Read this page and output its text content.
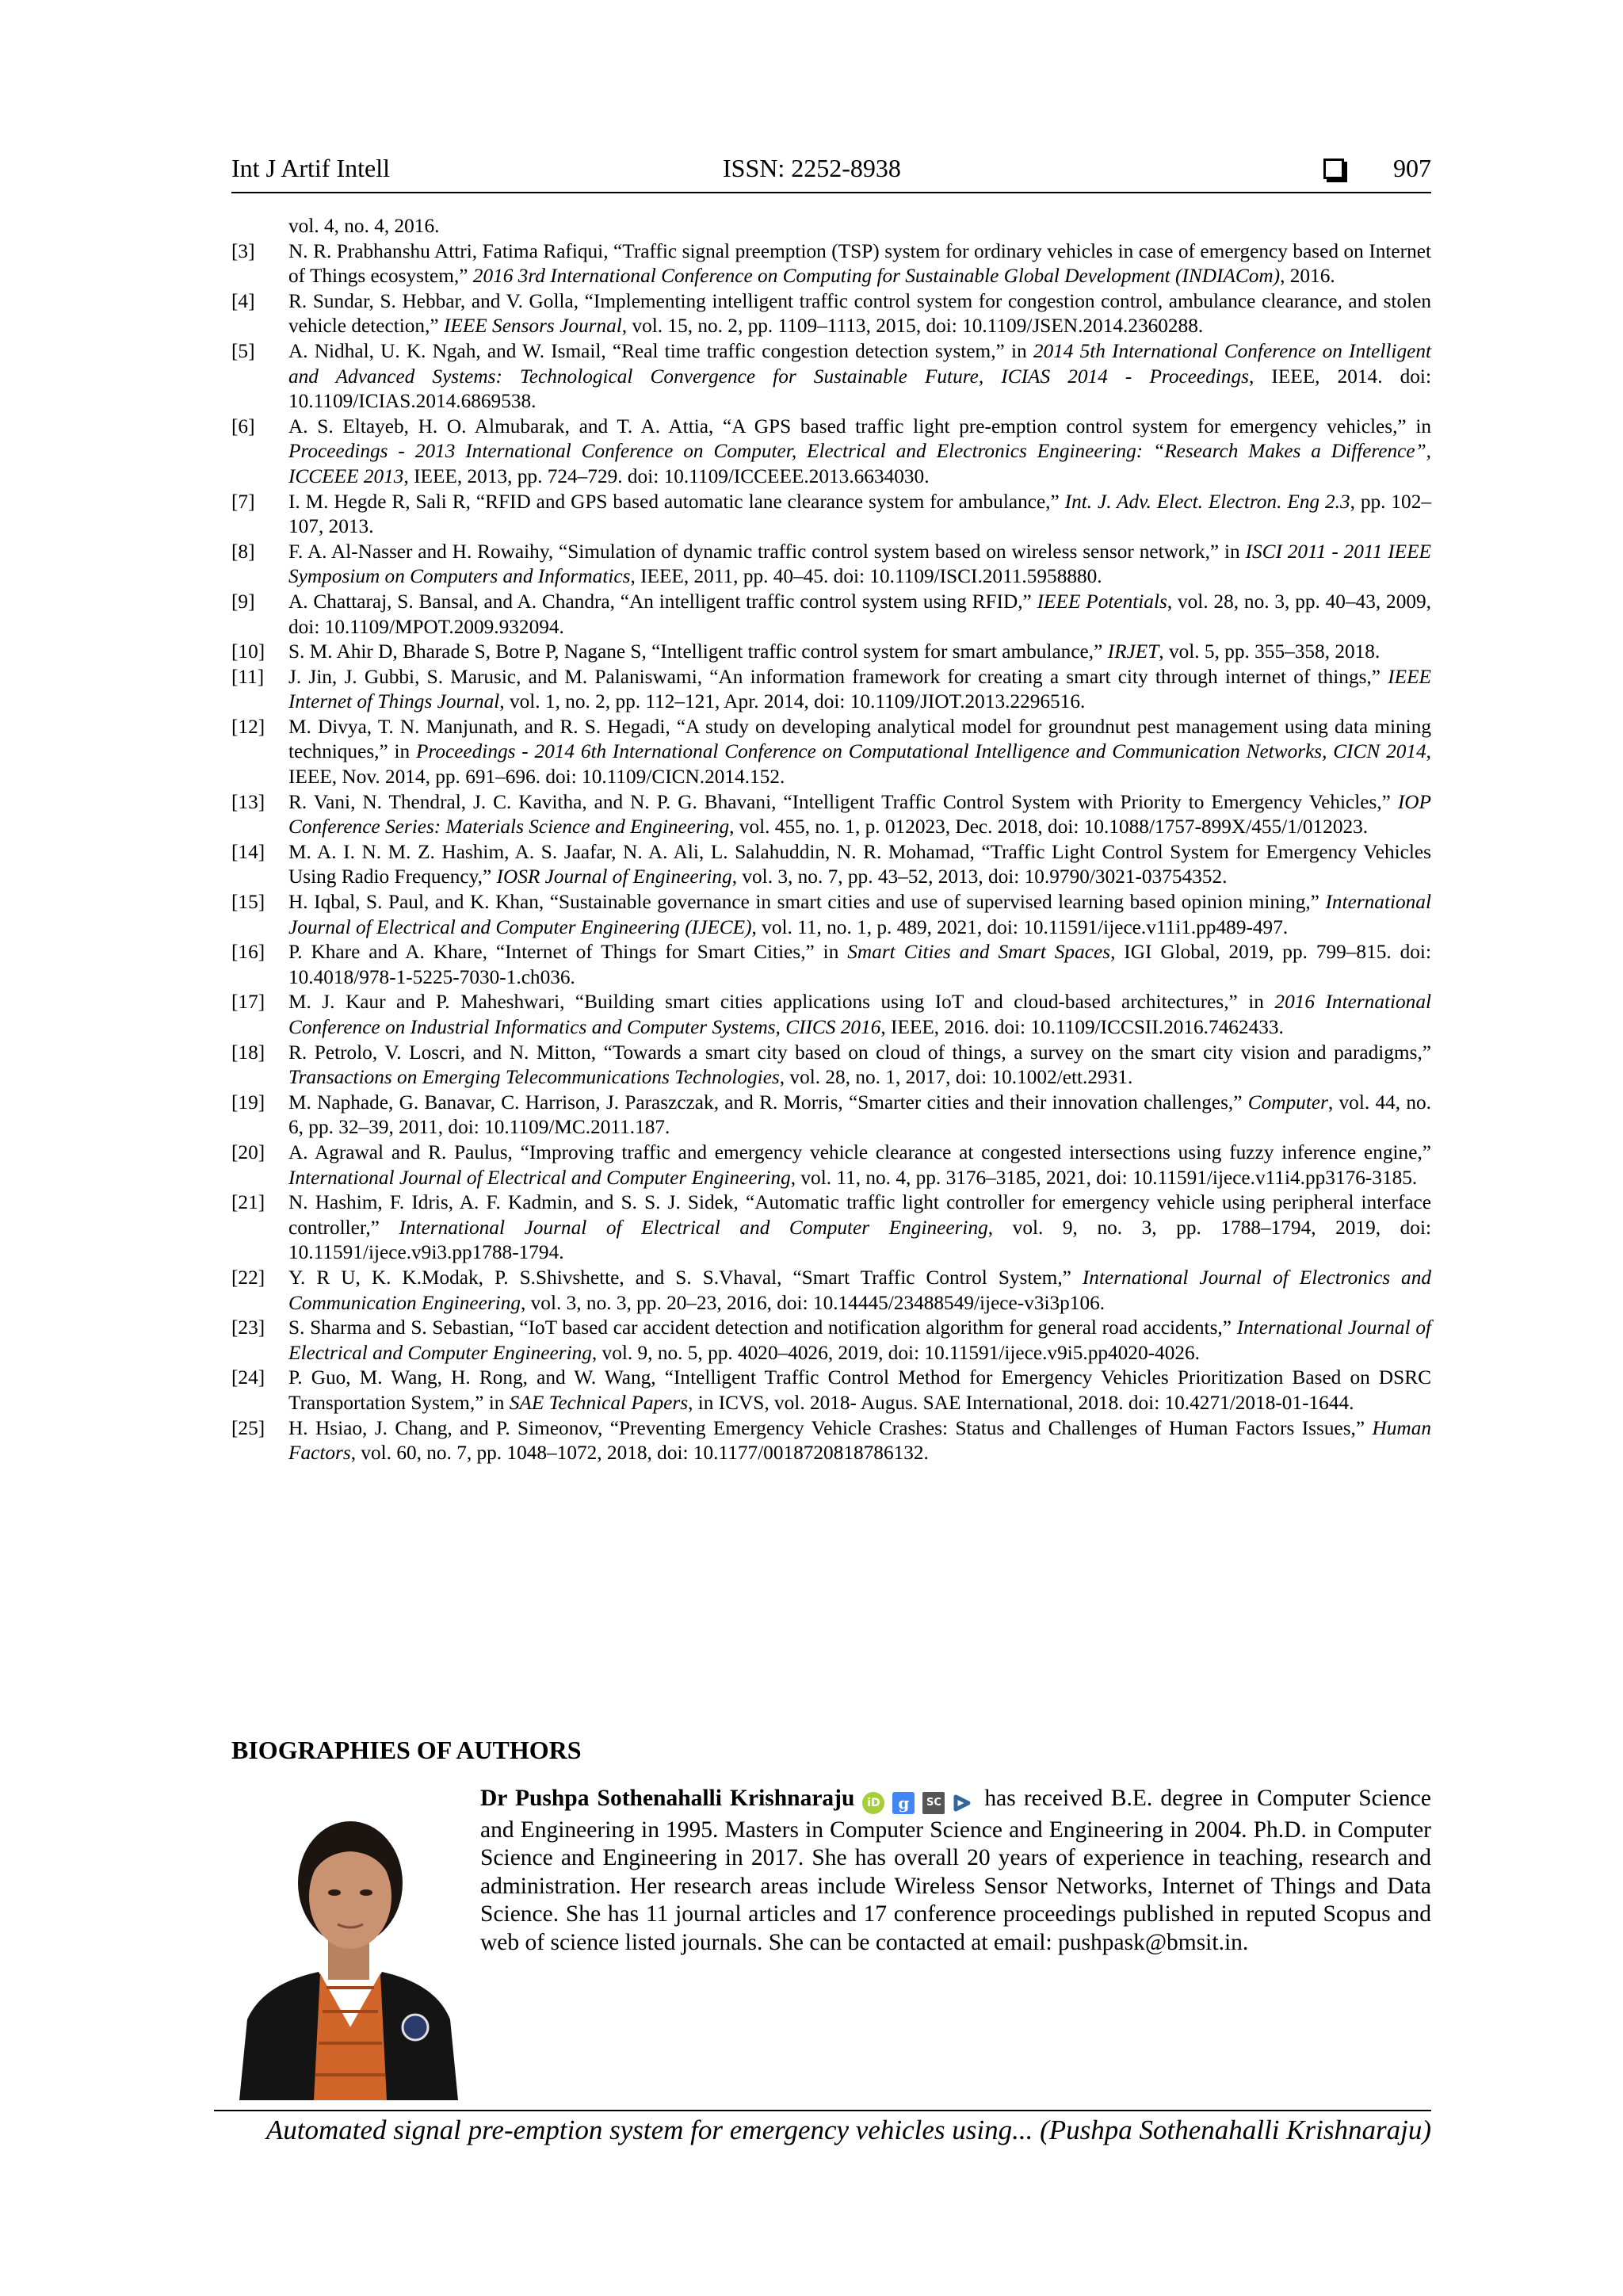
Int J Artif Intell	ISSN: 2252-8938	907
vol. 4, no. 4, 2016.
[3] N. R. Prabhanshu Attri, Fatima Rafiqui, “Traffic signal preemption (TSP) system for ordinary vehicles in case of emergency based on Internet of Things ecosystem,” 2016 3rd International Conference on Computing for Sustainable Global Development (INDIACom), 2016.
[4] R. Sundar, S. Hebbar, and V. Golla, “Implementing intelligent traffic control system for congestion control, ambulance clearance, and stolen vehicle detection,” IEEE Sensors Journal, vol. 15, no. 2, pp. 1109–1113, 2015, doi: 10.1109/JSEN.2014.2360288.
[5] A. Nidhal, U. K. Ngah, and W. Ismail, “Real time traffic congestion detection system,” in 2014 5th International Conference on Intelligent and Advanced Systems: Technological Convergence for Sustainable Future, ICIAS 2014 - Proceedings, IEEE, 2014. doi: 10.1109/ICIAS.2014.6869538.
[6] A. S. Eltayeb, H. O. Almubarak, and T. A. Attia, “A GPS based traffic light pre-emption control system for emergency vehicles,” in Proceedings - 2013 International Conference on Computer, Electrical and Electronics Engineering: “Research Makes a Difference”, ICCEEE 2013, IEEE, 2013, pp. 724–729. doi: 10.1109/ICCEEE.2013.6634030.
[7] I. M. Hegde R, Sali R, “RFID and GPS based automatic lane clearance system for ambulance,” Int. J. Adv. Elect. Electron. Eng 2.3, pp. 102–107, 2013.
[8] F. A. Al-Nasser and H. Rowaihy, “Simulation of dynamic traffic control system based on wireless sensor network,” in ISCI 2011 - 2011 IEEE Symposium on Computers and Informatics, IEEE, 2011, pp. 40–45. doi: 10.1109/ISCI.2011.5958880.
[9] A. Chattaraj, S. Bansal, and A. Chandra, “An intelligent traffic control system using RFID,” IEEE Potentials, vol. 28, no. 3, pp. 40–43, 2009, doi: 10.1109/MPOT.2009.932094.
[10] S. M. Ahir D, Bharade S, Botre P, Nagane S, “Intelligent traffic control system for smart ambulance,” IRJET, vol. 5, pp. 355–358, 2018.
[11] J. Jin, J. Gubbi, S. Marusic, and M. Palaniswami, “An information framework for creating a smart city through internet of things,” IEEE Internet of Things Journal, vol. 1, no. 2, pp. 112–121, Apr. 2014, doi: 10.1109/JIOT.2013.2296516.
[12] M. Divya, T. N. Manjunath, and R. S. Hegadi, “A study on developing analytical model for groundnut pest management using data mining techniques,” in Proceedings - 2014 6th International Conference on Computational Intelligence and Communication Networks, CICN 2014, IEEE, Nov. 2014, pp. 691–696. doi: 10.1109/CICN.2014.152.
[13] R. Vani, N. Thendral, J. C. Kavitha, and N. P. G. Bhavani, “Intelligent Traffic Control System with Priority to Emergency Vehicles,” IOP Conference Series: Materials Science and Engineering, vol. 455, no. 1, p. 012023, Dec. 2018, doi: 10.1088/1757-899X/455/1/012023.
[14] M. A. I. N. M. Z. Hashim, A. S. Jaafar, N. A. Ali, L. Salahuddin, N. R. Mohamad, “Traffic Light Control System for Emergency Vehicles Using Radio Frequency,” IOSR Journal of Engineering, vol. 3, no. 7, pp. 43–52, 2013, doi: 10.9790/3021-03754352.
[15] H. Iqbal, S. Paul, and K. Khan, “Sustainable governance in smart cities and use of supervised learning based opinion mining,” International Journal of Electrical and Computer Engineering (IJECE), vol. 11, no. 1, p. 489, 2021, doi: 10.11591/ijece.v11i1.pp489-497.
[16] P. Khare and A. Khare, “Internet of Things for Smart Cities,” in Smart Cities and Smart Spaces, IGI Global, 2019, pp. 799–815. doi: 10.4018/978-1-5225-7030-1.ch036.
[17] M. J. Kaur and P. Maheshwari, “Building smart cities applications using IoT and cloud-based architectures,” in 2016 International Conference on Industrial Informatics and Computer Systems, CIICS 2016, IEEE, 2016. doi: 10.1109/ICCSII.2016.7462433.
[18] R. Petrolo, V. Loscri, and N. Mitton, “Towards a smart city based on cloud of things, a survey on the smart city vision and paradigms,” Transactions on Emerging Telecommunications Technologies, vol. 28, no. 1, 2017, doi: 10.1002/ett.2931.
[19] M. Naphade, G. Banavar, C. Harrison, J. Paraszczak, and R. Morris, “Smarter cities and their innovation challenges,” Computer, vol. 44, no. 6, pp. 32–39, 2011, doi: 10.1109/MC.2011.187.
[20] A. Agrawal and R. Paulus, “Improving traffic and emergency vehicle clearance at congested intersections using fuzzy inference engine,” International Journal of Electrical and Computer Engineering, vol. 11, no. 4, pp. 3176–3185, 2021, doi: 10.11591/ijece.v11i4.pp3176-3185.
[21] N. Hashim, F. Idris, A. F. Kadmin, and S. S. J. Sidek, “Automatic traffic light controller for emergency vehicle using peripheral interface controller,” International Journal of Electrical and Computer Engineering, vol. 9, no. 3, pp. 1788–1794, 2019, doi: 10.11591/ijece.v9i3.pp1788-1794.
[22] Y. R U, K. K.Modak, P. S.Shivshette, and S. S.Vhaval, “Smart Traffic Control System,” International Journal of Electronics and Communication Engineering, vol. 3, no. 3, pp. 20–23, 2016, doi: 10.14445/23488549/ijece-v3i3p106.
[23] S. Sharma and S. Sebastian, “IoT based car accident detection and notification algorithm for general road accidents,” International Journal of Electrical and Computer Engineering, vol. 9, no. 5, pp. 4020–4026, 2019, doi: 10.11591/ijece.v9i5.pp4020-4026.
[24] P. Guo, M. Wang, H. Rong, and W. Wang, “Intelligent Traffic Control Method for Emergency Vehicles Prioritization Based on DSRC Transportation System,” in SAE Technical Papers, in ICVS, vol. 2018- Augus. SAE International, 2018. doi: 10.4271/2018-01-1644.
[25] H. Hsiao, J. Chang, and P. Simeonov, “Preventing Emergency Vehicle Crashes: Status and Challenges of Human Factors Issues,” Human Factors, vol. 60, no. 7, pp. 1048–1072, 2018, doi: 10.1177/0018720818786132.
BIOGRAPHIES OF AUTHORS
Dr Pushpa Sothenahalli Krishnaraju iD g SC has received B.E. degree in Computer Science and Engineering in 1995. Masters in Computer Science and Engineering in 2004. Ph.D. in Computer Science and Engineering in 2017. She has overall 20 years of experience in teaching, research and administration. Her research areas include Wireless Sensor Networks, Internet of Things and Data Science. She has 11 journal articles and 17 conference proceedings published in reputed Scopus and web of science listed journals. She can be contacted at email: pushpask@bmsit.in.
Automated signal pre-emption system for emergency vehicles using... (Pushpa Sothenahalli Krishnaraju)
